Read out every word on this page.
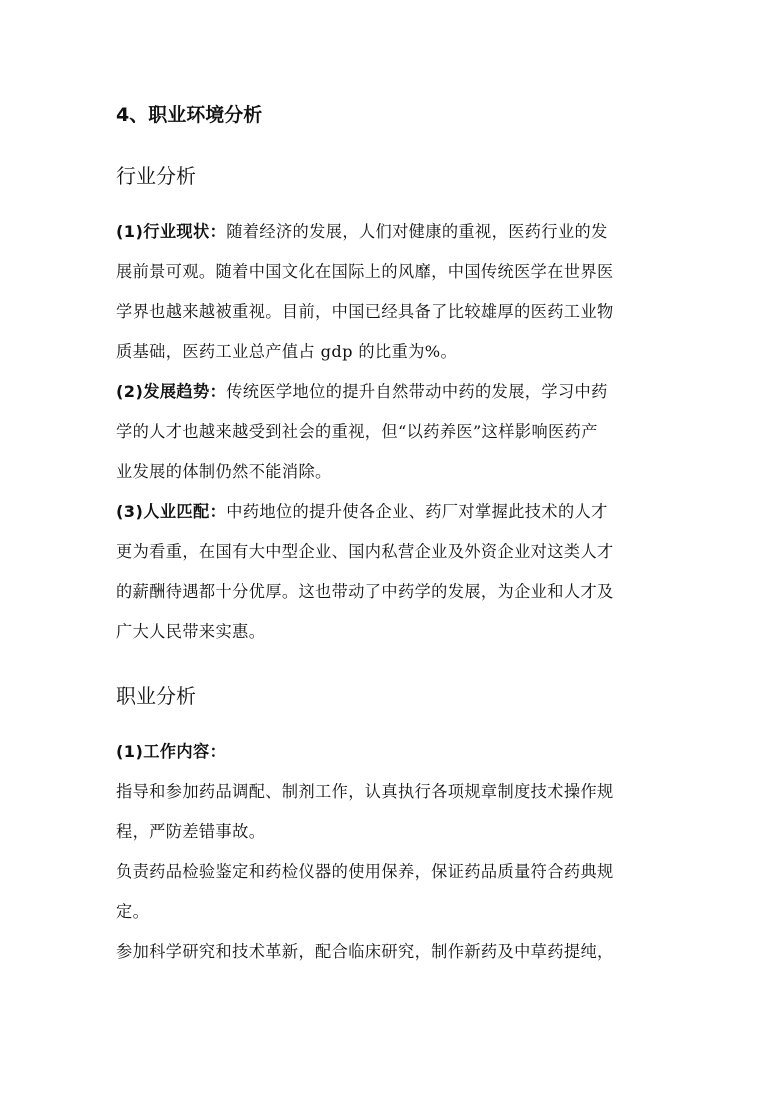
4、职业环境分析
行业分析
(1)行业现状：随着经济的发展，人们对健康的重视，医药行业的发
展前景可观。随着中国文化在国际上的风靡，中国传统医学在世界医
学界也越来越被重视。目前，中国已经具备了比较雄厚的医药工业物
质基础，医药工业总产值占 gdp 的比重为%。
(2)发展趋势：传统医学地位的提升自然带动中药的发展，学习中药
学的人才也越来越受到社会的重视，但“以药养医”这样影响医药产
业发展的体制仍然不能消除。
(3)人业匹配：中药地位的提升使各企业、药厂对掌握此技术的人才
更为看重，在国有大中型企业、国内私营企业及外资企业对这类人才
的薪酬待遇都十分优厚。这也带动了中药学的发展，为企业和人才及
广大人民带来实惠。
职业分析
(1)工作内容：
指导和参加药品调配、制剂工作，认真执行各项规章制度技术操作规
程，严防差错事故。
负责药品检验鉴定和药检仪器的使用保养，保证药品质量符合药典规
定。
参加科学研究和技术革新，配合临床研究，制作新药及中草药提纯，
